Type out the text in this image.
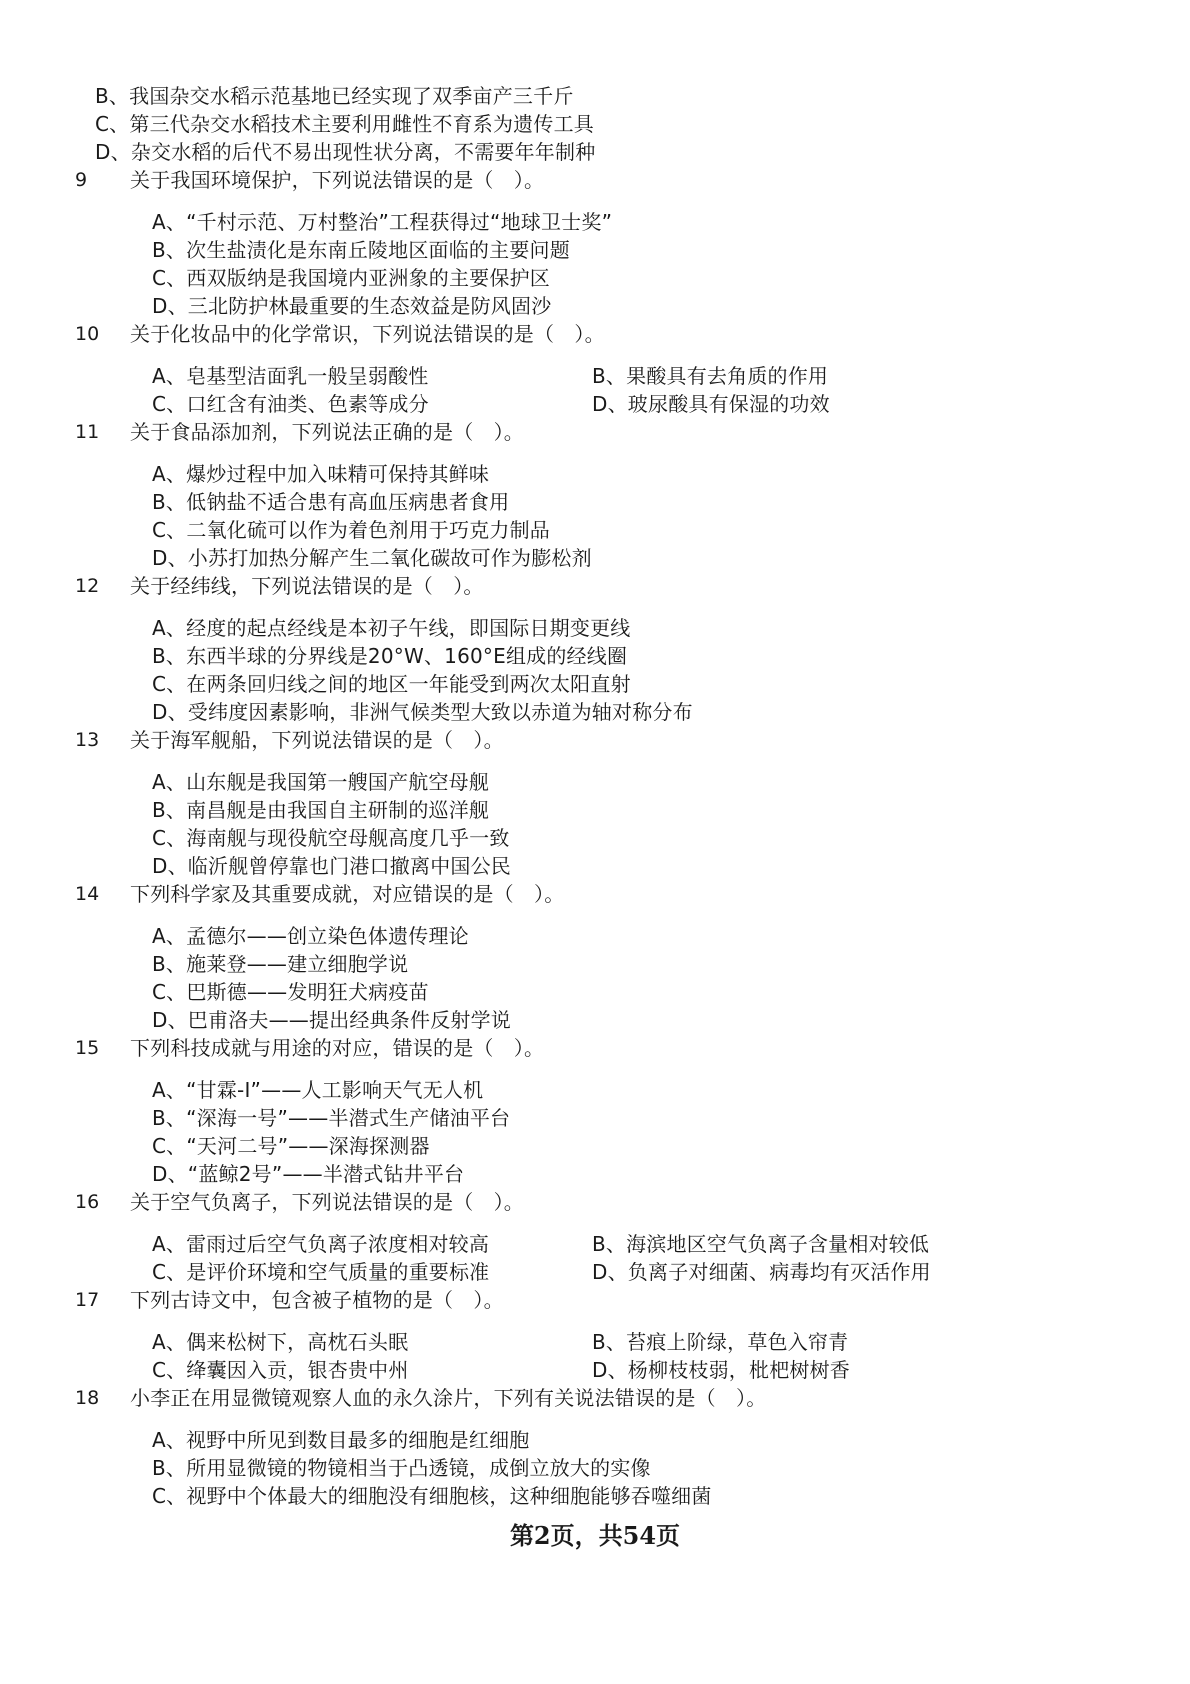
B、我国杂交水稻示范基地已经实现了双季亩产三千斤
C、第三代杂交水稻技术主要利用雌性不育系为遗传工具
D、杂交水稻的后代不易出现性状分离，不需要年年制种
9 关于我国环境保护，下列说法错误的是（　）。
A、“千村示范、万村整治”工程获得过“地球卫士奖”
B、次生盐渍化是东南丘陵地区面临的主要问题
C、西双版纳是我国境内亚洲象的主要保护区
D、三北防护林最重要的生态效益是防风固沙
10 关于化妆品中的化学常识，下列说法错误的是（　）。
A、皂基型洁面乳一般呈弱酸性	B、果酸具有去角质的作用
C、口红含有油类、色素等成分	D、玻尿酸具有保湿的功效
11 关于食品添加剂，下列说法正确的是（　）。
A、爆炒过程中加入味精可保持其鲜味
B、低钠盐不适合患有高血压病患者食用
C、二氧化硫可以作为着色剂用于巧克力制品
D、小苏打加热分解产生二氧化碳故可作为膨松剂
12 关于经纬线，下列说法错误的是（　）。
A、经度的起点经线是本初子午线，即国际日期变更线
B、东西半球的分界线是20°W、160°E组成的经线圈
C、在两条回归线之间的地区一年能受到两次太阳直射
D、受纬度因素影响，非洲气候类型大致以赤道为轴对称分布
13 关于海军舰船，下列说法错误的是（　）。
A、山东舰是我国第一艘国产航空母舰
B、南昌舰是由我国自主研制的巡洋舰
C、海南舰与现役航空母舰高度几乎一致
D、临沂舰曾停靠也门港口撤离中国公民
14 下列科学家及其重要成就，对应错误的是（　）。
A、孟德尔——创立染色体遗传理论
B、施莱登——建立细胞学说
C、巴斯德——发明狂犬病疫苗
D、巴甫洛夫——提出经典条件反射学说
15 下列科技成就与用途的对应，错误的是（　）。
A、“甘霖-Ⅰ”——人工影响天气无人机
B、“深海一号”——半潜式生产储油平台
C、“天河二号”——深海探测器
D、“蓝鲸2号”——半潜式钻井平台
16 关于空气负离子，下列说法错误的是（　）。
A、雷雨过后空气负离子浓度相对较高	B、海滨地区空气负离子含量相对较低
C、是评价环境和空气质量的重要标准	D、负离子对细菌、病毒均有灭活作用
17 下列古诗文中，包含被子植物的是（　）。
A、偶来松树下，高枕石头眠	B、苔痕上阶绿，草色入帘青
C、绛囊因入贡，银杏贵中州	D、杨柳枝枝弱，枇杷树树香
18 小李正在用显微镜观察人血的永久涂片，下列有关说法错误的是（　）。
A、视野中所见到数目最多的细胞是红细胞
B、所用显微镜的物镜相当于凸透镜，成倒立放大的实像
C、视野中个体最大的细胞没有细胞核，这种细胞能够吞噬细菌
第2页，共54页
